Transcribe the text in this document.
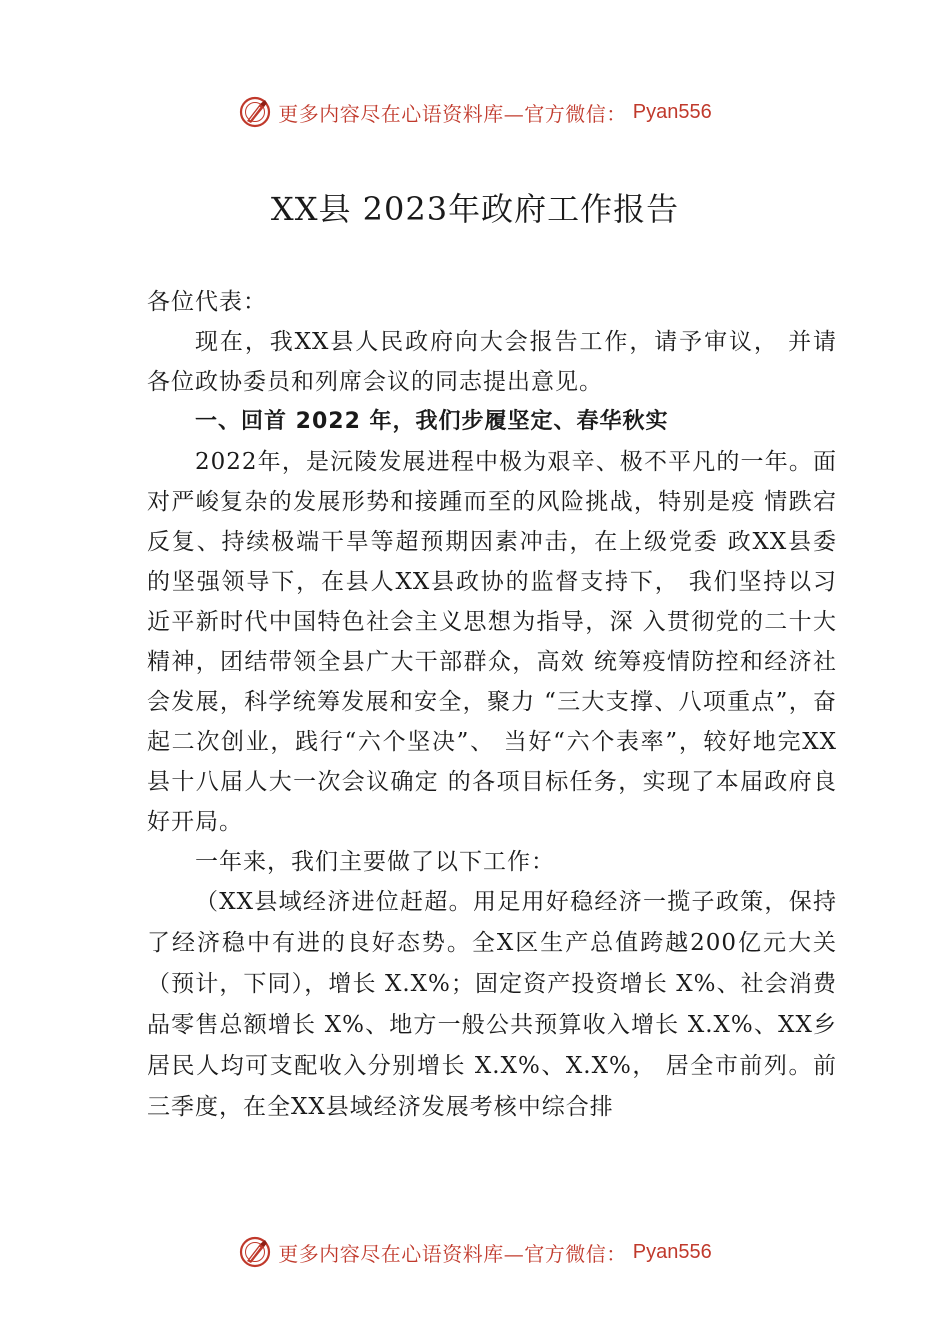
更多内容尽在心语资料库—官方微信： Pyan556
XX县 2023年政府工作报告

各位代表：

现在，我XX县人民政府向大会报告工作，请予审议， 并请各位政协委员和列席会议的同志提出意见。

一、回首 2022 年，我们步履坚定、春华秋实

2022年，是沅陵发展进程中极为艰辛、极不平凡的一年。面对严峻复杂的发展形势和接踵而至的风险挑战，特别是疫 情跌宕反复、持续极端干旱等超预期因素冲击，在上级党委 政XX县委的坚强领导下，在县人XX县政协的监督支持下， 我们坚持以习近平新时代中国特色社会主义思想为指导，深 入贯彻党的二十大精神，团结带领全县广大干部群众，高效 统筹疫情防控和经济社会发展，科学统筹发展和安全，聚力 “三大支撑、八项重点”，奋起二次创业，践行“六个坚决”、 当好“六个表率”，较好地完XX县十八届人大一次会议确定 的各项目标任务，实现了本届政府良好开局。

一年来，我们主要做了以下工作：

（XX县域经济进位赶超。用足用好稳经济一揽子政策，保持了经济稳中有进的良好态势。全X区生产总值跨越200亿元大关（预计，下同），增长 X.X%；固定资产投资增长 X%、社会消费品零售总额增长 X%、地方一般公共预算收入增长 X.X%、XX乡居民人均可支配收入分别增长 X.X%、X.X%， 居全市前列。前三季度，在全XX县域经济发展考核中综合排

更多内容尽在心语资料库—官方微信： Pyan556
